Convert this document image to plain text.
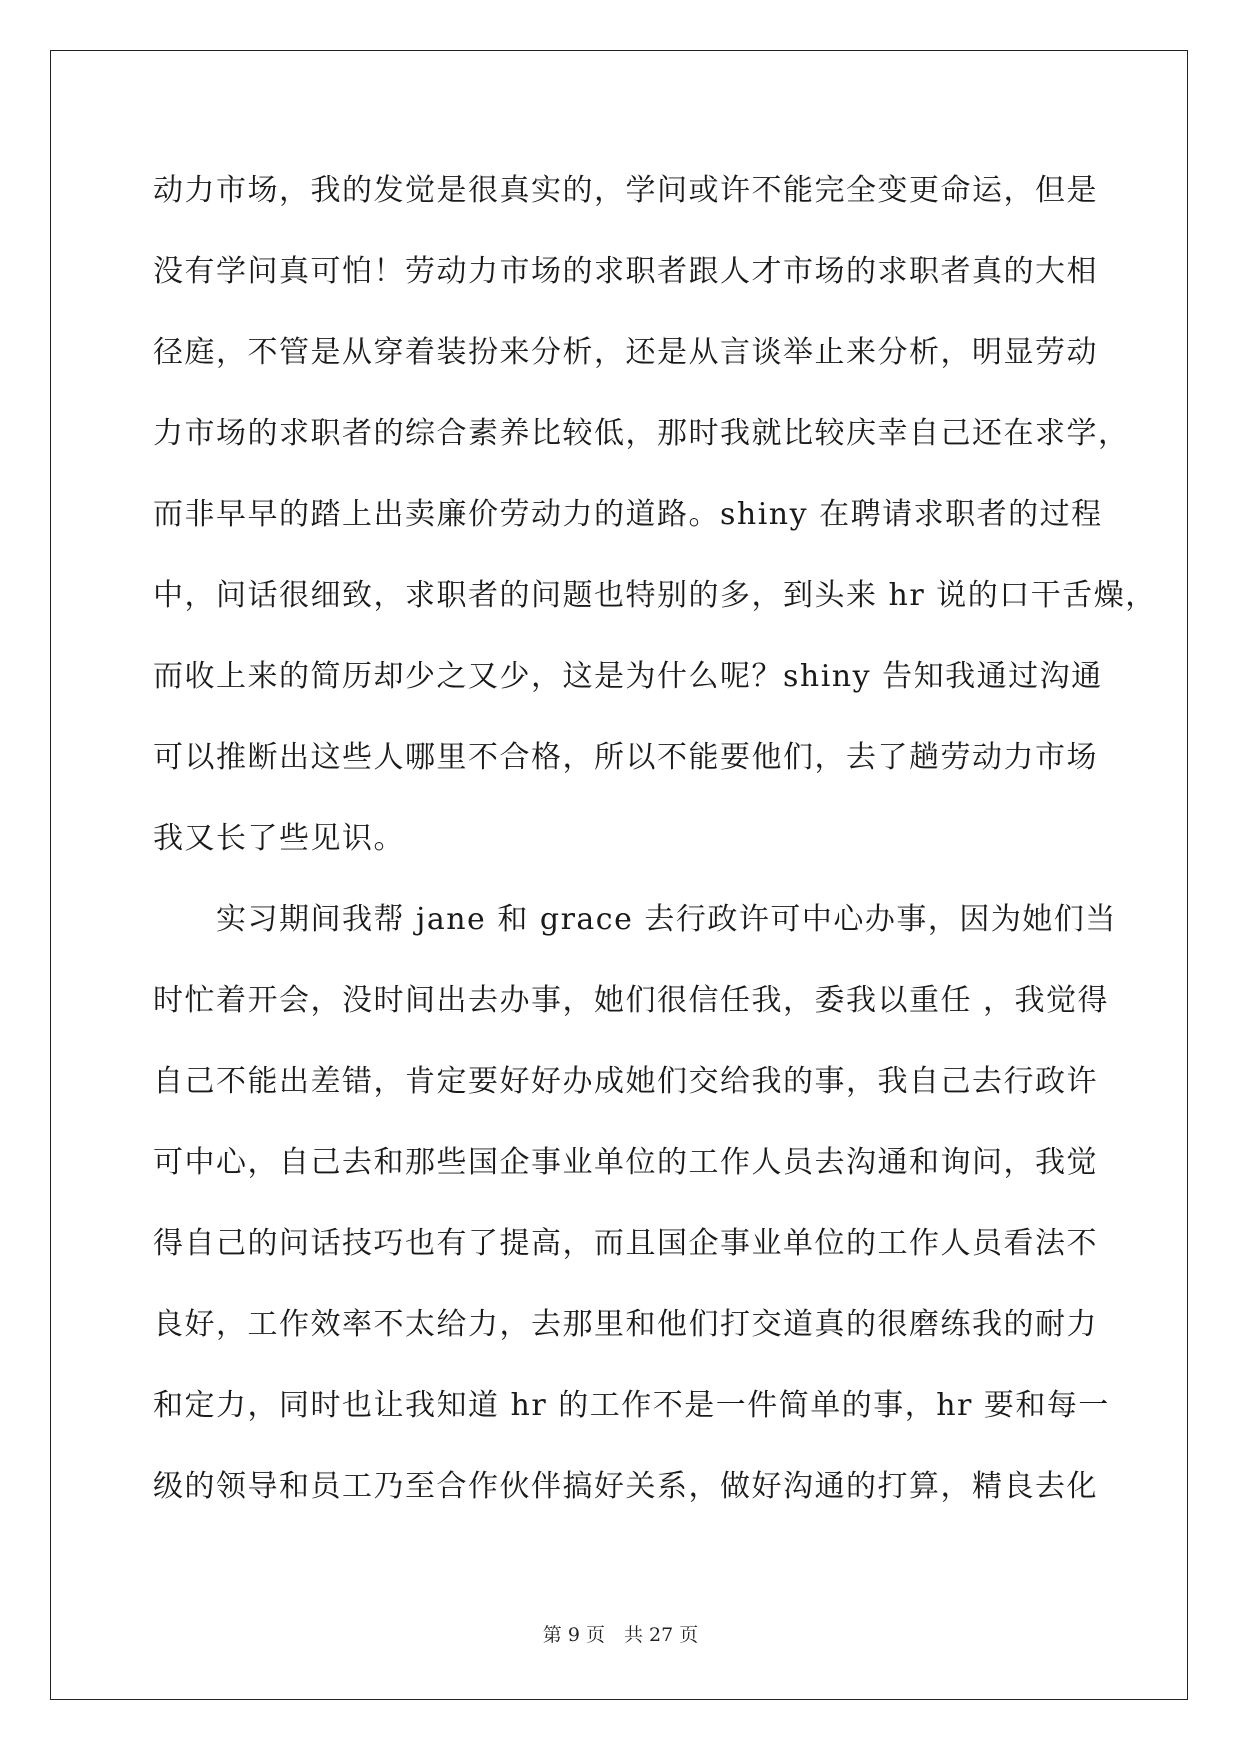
动力市场，我的发觉是很真实的，学问或许不能完全变更命运，但是
没有学问真可怕！劳动力市场的求职者跟人才市场的求职者真的大相
径庭，不管是从穿着装扮来分析，还是从言谈举止来分析，明显劳动
力市场的求职者的综合素养比较低，那时我就比较庆幸自己还在求学，
而非早早的踏上出卖廉价劳动力的道路。shiny 在聘请求职者的过程
中，问话很细致，求职者的问题也特别的多，到头来 hr 说的口干舌燥，
而收上来的简历却少之又少，这是为什么呢？shiny 告知我通过沟通
可以推断出这些人哪里不合格，所以不能要他们，去了趟劳动力市场
我又长了些见识。
　　实习期间我帮 jane 和 grace 去行政许可中心办事，因为她们当
时忙着开会，没时间出去办事，她们很信任我，委我以重任 ，我觉得
自己不能出差错，肯定要好好办成她们交给我的事，我自己去行政许
可中心，自己去和那些国企事业单位的工作人员去沟通和询问，我觉
得自己的问话技巧也有了提高，而且国企事业单位的工作人员看法不
良好，工作效率不太给力，去那里和他们打交道真的很磨练我的耐力
和定力，同时也让我知道 hr 的工作不是一件简单的事，hr 要和每一
级的领导和员工乃至合作伙伴搞好关系，做好沟通的打算，精良去化
第 9 页　共 27 页
